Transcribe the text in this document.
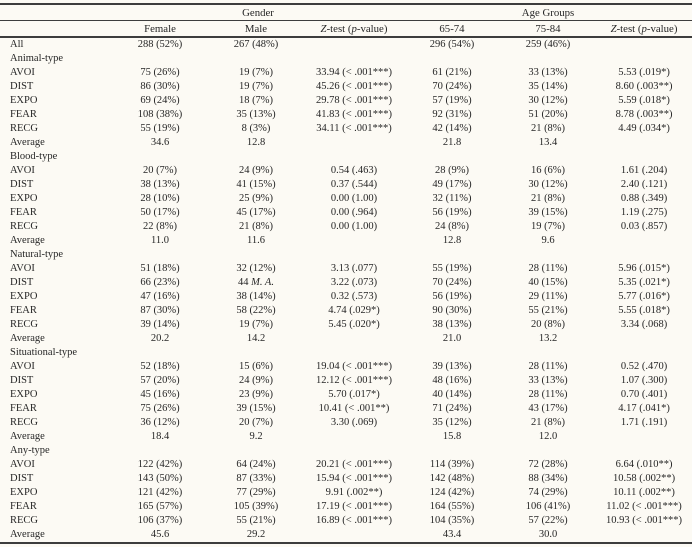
	Gender			Age Groups		
	Female	Male	Z-test (p-value)	65-74	75-84	Z-test (p-value)
All	288 (52%)	267 (48%)		296 (54%)	259 (46%)	
Animal-type						
AVOI	75 (26%)	19 (7%)	33.94 (< .001***)	61 (21%)	33 (13%)	5.53 (.019*)
DIST	86 (30%)	19 (7%)	45.26 (< .001***)	70 (24%)	35 (14%)	8.60 (.003**)
EXPO	69 (24%)	18 (7%)	29.78 (< .001***)	57 (19%)	30 (12%)	5.59 (.018*)
FEAR	108 (38%)	35 (13%)	41.83 (< .001***)	92 (31%)	51 (20%)	8.78 (.003**)
RECG	55 (19%)	8 (3%)	34.11 (< .001***)	42 (14%)	21 (8%)	4.49 (.034*)
Average	34.6	12.8		21.8	13.4	
Blood-type						
AVOI	20 (7%)	24 (9%)	0.54 (.463)	28 (9%)	16 (6%)	1.61 (.204)
DIST	38 (13%)	41 (15%)	0.37 (.544)	49 (17%)	30 (12%)	2.40 (.121)
EXPO	28 (10%)	25 (9%)	0.00 (1.00)	32 (11%)	21 (8%)	0.88 (.349)
FEAR	50 (17%)	45 (17%)	0.00 (.964)	56 (19%)	39 (15%)	1.19 (.275)
RECG	22 (8%)	21 (8%)	0.00 (1.00)	24 (8%)	19 (7%)	0.03 (.857)
Average	11.0	11.6		12.8	9.6	
Natural-type						
AVOI	51 (18%)	32 (12%)	3.13 (.077)	55 (19%)	28 (11%)	5.96 (.015*)
DIST	66 (23%)	44 M. A.	3.22 (.073)	70 (24%)	40 (15%)	5.35 (.021*)
EXPO	47 (16%)	38 (14%)	0.32 (.573)	56 (19%)	29 (11%)	5.77 (.016*)
FEAR	87 (30%)	58 (22%)	4.74 (.029*)	90 (30%)	55 (21%)	5.55 (.018*)
RECG	39 (14%)	19 (7%)	5.45 (.020*)	38 (13%)	20 (8%)	3.34 (.068)
Average	20.2	14.2		21.0	13.2	
Situational-type						
AVOI	52 (18%)	15 (6%)	19.04 (< .001***)	39 (13%)	28 (11%)	0.52 (.470)
DIST	57 (20%)	24 (9%)	12.12 (< .001***)	48 (16%)	33 (13%)	1.07 (.300)
EXPO	45 (16%)	23 (9%)	5.70 (.017*)	40 (14%)	28 (11%)	0.70 (.401)
FEAR	75 (26%)	39 (15%)	10.41 (< .001**)	71 (24%)	43 (17%)	4.17 (.041*)
RECG	36 (12%)	20 (7%)	3.30 (.069)	35 (12%)	21 (8%)	1.71 (.191)
Average	18.4	9.2		15.8	12.0	
Any-type						
AVOI	122 (42%)	64 (24%)	20.21 (< .001***)	114 (39%)	72 (28%)	6.64 (.010**)
DIST	143 (50%)	87 (33%)	15.94 (< .001***)	142 (48%)	88 (34%)	10.58 (.002**)
EXPO	121 (42%)	77 (29%)	9.91 (.002**)	124 (42%)	74 (29%)	10.11 (.002**)
FEAR	165 (57%)	105 (39%)	17.19 (< .001***)	164 (55%)	106 (41%)	11.02 (< .001***)
RECG	106 (37%)	55 (21%)	16.89 (< .001***)	104 (35%)	57 (22%)	10.93 (< .001***)
Average	45.6	29.2		43.4	30.0	
